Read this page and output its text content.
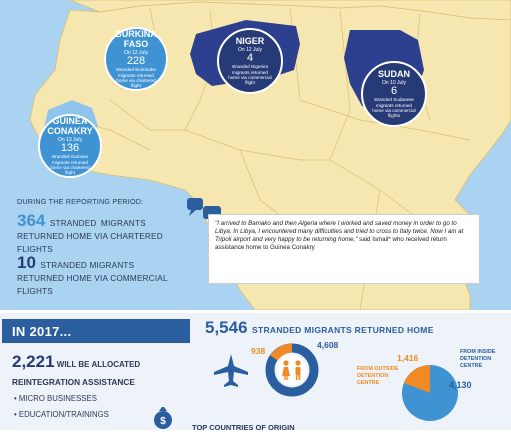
BURKINA FASO
On 12 July
228
stranded Burkinabe migrants returned home via chartered flight
GUINEA CONAKRY
On 13 July
136
stranded Guinean migrants returned home via chartered flight
NIGER
On 12 July
4
stranded Nigerien migrants returned home via commercial flight
SUDAN
On 10 July
6
stranded Sudanese migrants returned home via commercial flights
DURING THE REPORTING PERIOD:
364 STRANDED MIGRANTS RETURNED HOME VIA CHARTERED FLIGHTS
10 STRANDED MIGRANTS RETURNED HOME VIA COMMERCIAL FLIGHTS
"I arrived to Bamako and then Algeria where I worked and saved money in order to go to Libya. In Libya, I encountered many difficulties and tried to cross to Italy twice. Now I am at Tripoli airport and very happy to be returning home," said Ismail* who received return assistance home to Guinea Conakry
IN 2017...
2,221 WILL BE ALLOCATED
REINTEGRATION ASSISTANCE
• MICRO BUSINESSES
• EDUCATION/TRAININGS
$
TOP COUNTRIES OF ORIGIN
5,546 STRANDED MIGRANTS RETURNED HOME
938
4,608
1,416
FROM OUTSIDE
DETENTION
CENTRE
FROM INSIDE
DETENTION
CENTRE
4,130
